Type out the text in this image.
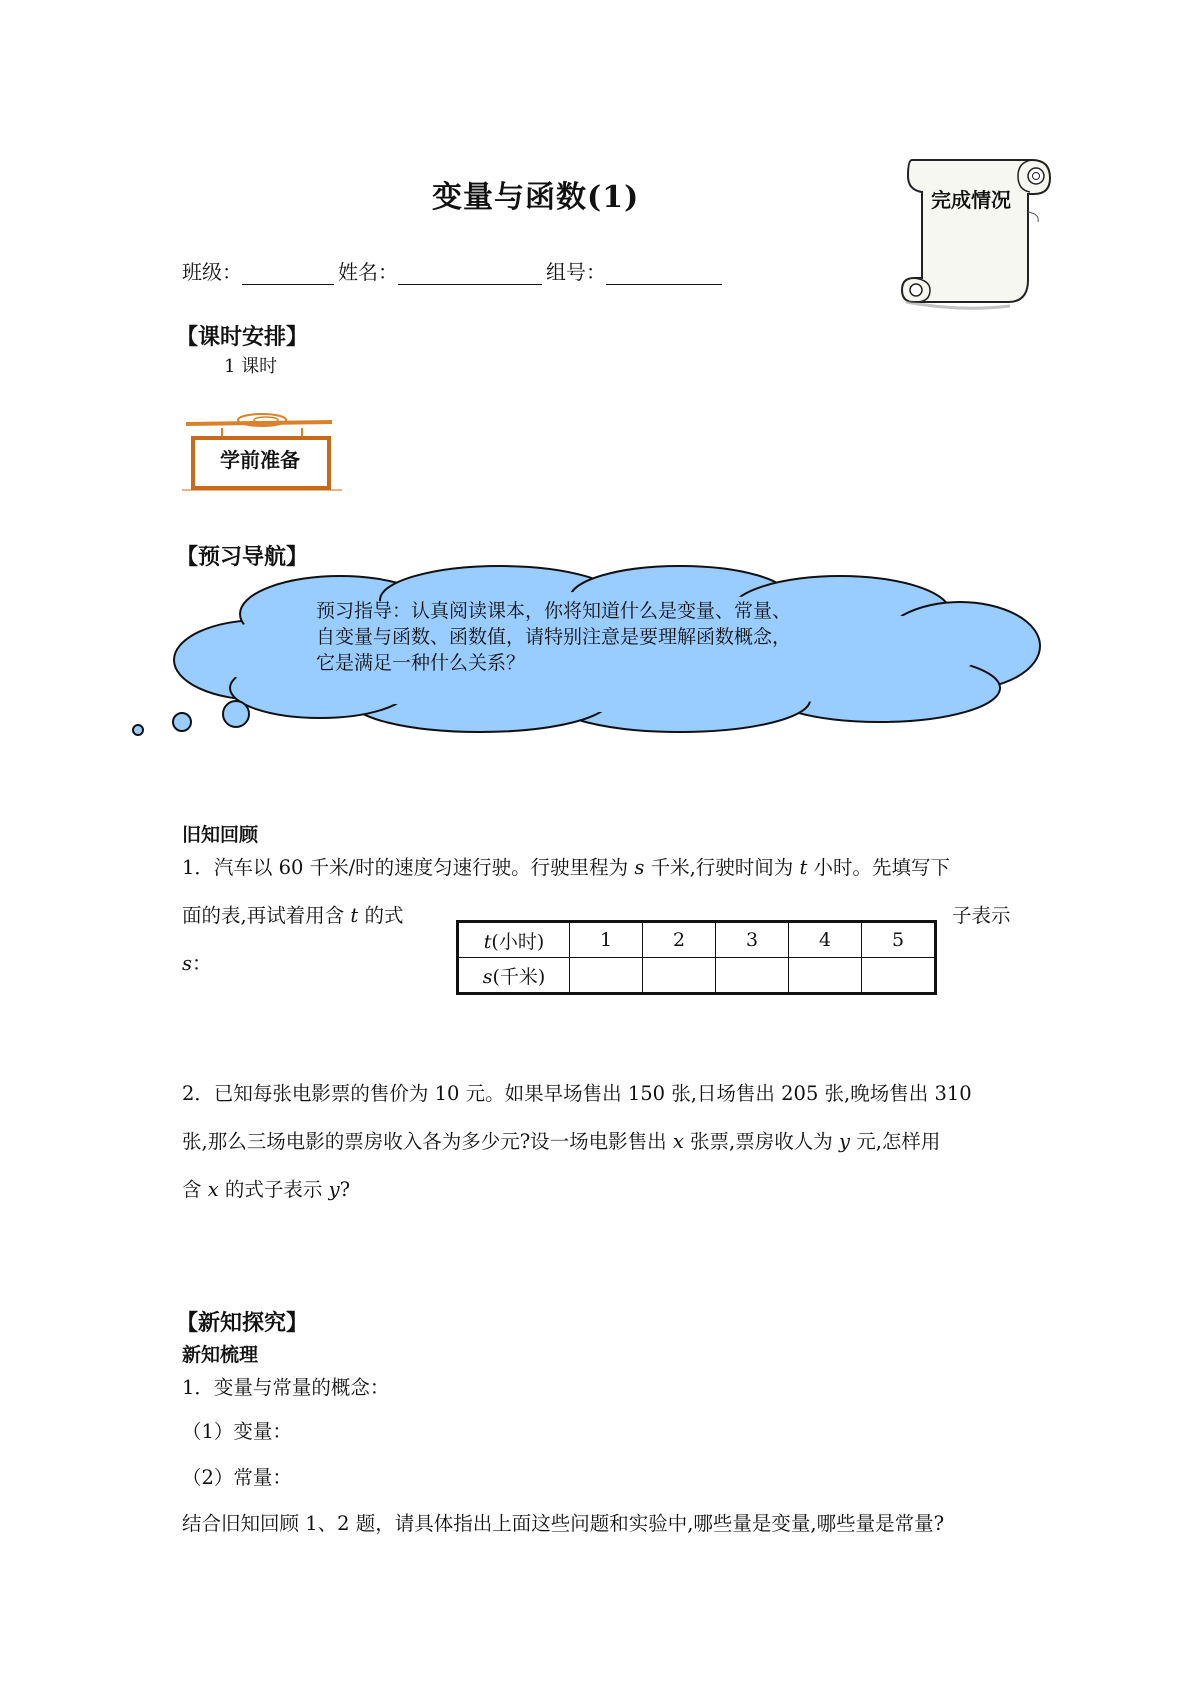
变量与函数(1)	完成情况
班级：	姓名：	组号：
【课时安排】
1 课时
学前准备
【预习导航】
预习指导：认真阅读课本，你将知道什么是变量、常量、
自变量与函数、函数值，请特别注意是要理解函数概念，
它是满足一种什么关系？
旧知回顾
1．汽车以 60 千米/时的速度匀速行驶。行驶里程为 s 千米,行驶时间为 t 小时。先填写下
面的表,再试着用含 t 的式	子表示
s：
t(小时)	1	2	3	4	5
s(千米)					
2．已知每张电影票的售价为 10 元。如果早场售出 150 张,日场售出 205 张,晚场售出 310
张,那么三场电影的票房收入各为多少元?设一场电影售出 x 张票,票房收人为 y 元,怎样用
含 x 的式子表示 y?
【新知探究】
新知梳理
1．变量与常量的概念：
（1）变量：
（2）常量：
结合旧知回顾 1、2 题，请具体指出上面这些问题和实验中,哪些量是变量,哪些量是常量?
